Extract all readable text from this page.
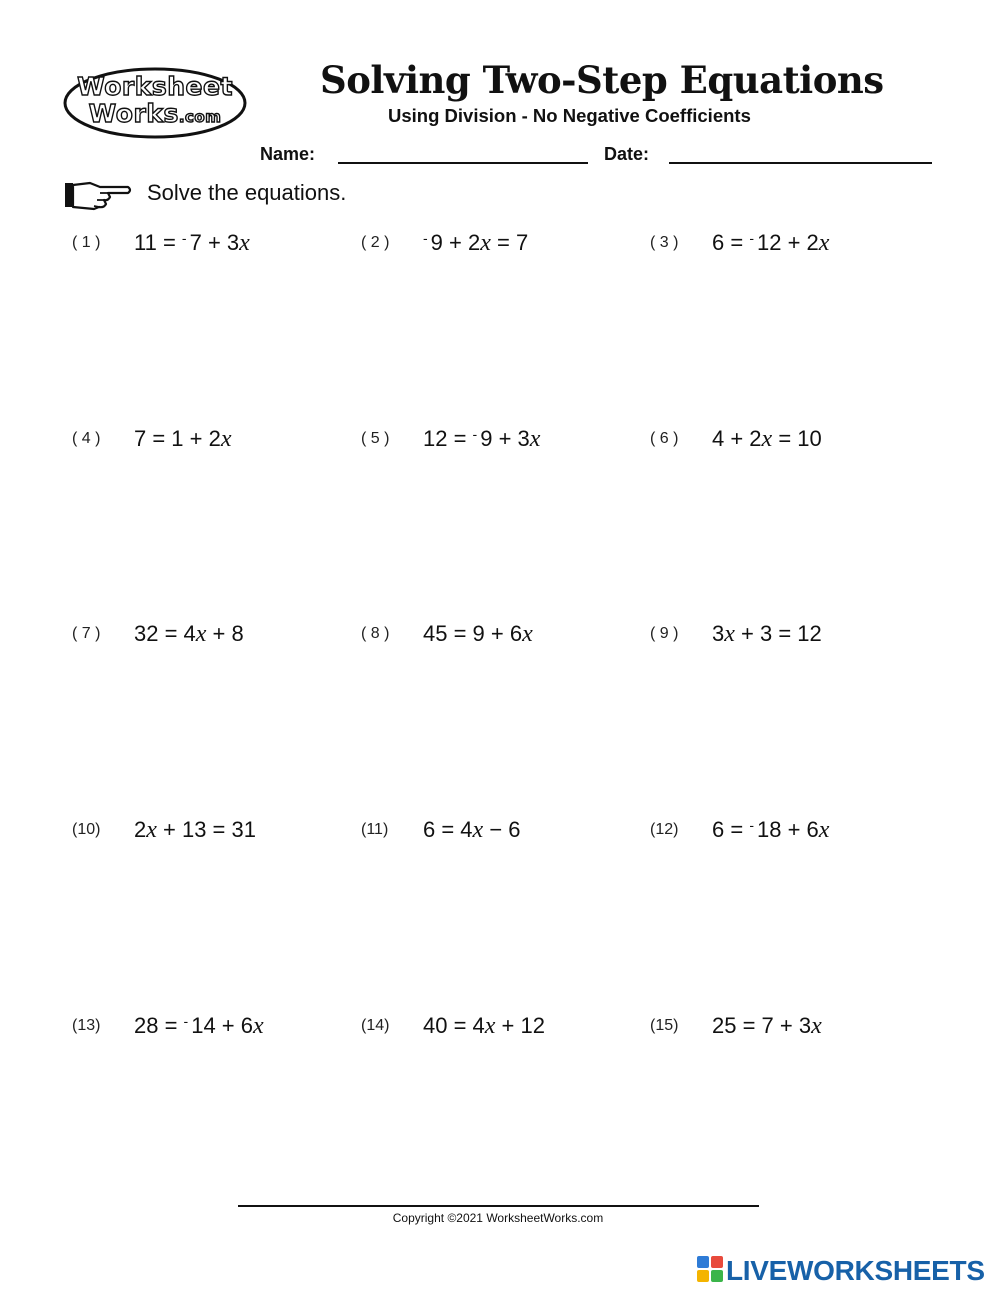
Worksheet
Works.com
Solving Two-Step Equations
Using Division - No Negative Coefficients
Name:	Date:
Solve the equations.
( 1 ) 11 = - 7 + 3x	( 2 ) - 9 + 2x = 7	( 3 ) 6 = - 12 + 2x
( 4 ) 7 = 1 + 2x	( 5 ) 12 = - 9 + 3x	( 6 ) 4 + 2x = 10
( 7 ) 32 = 4x + 8	( 8 ) 45 = 9 + 6x	( 9 ) 3x + 3 = 12
(10) 2x + 13 = 31	(11) 6 = 4x − 6	(12) 6 = - 18 + 6x
(13) 28 = - 14 + 6x	(14) 40 = 4x + 12	(15) 25 = 7 + 3x
Copyright ©2021 WorksheetWorks.com
LIVEWORKSHEETS
